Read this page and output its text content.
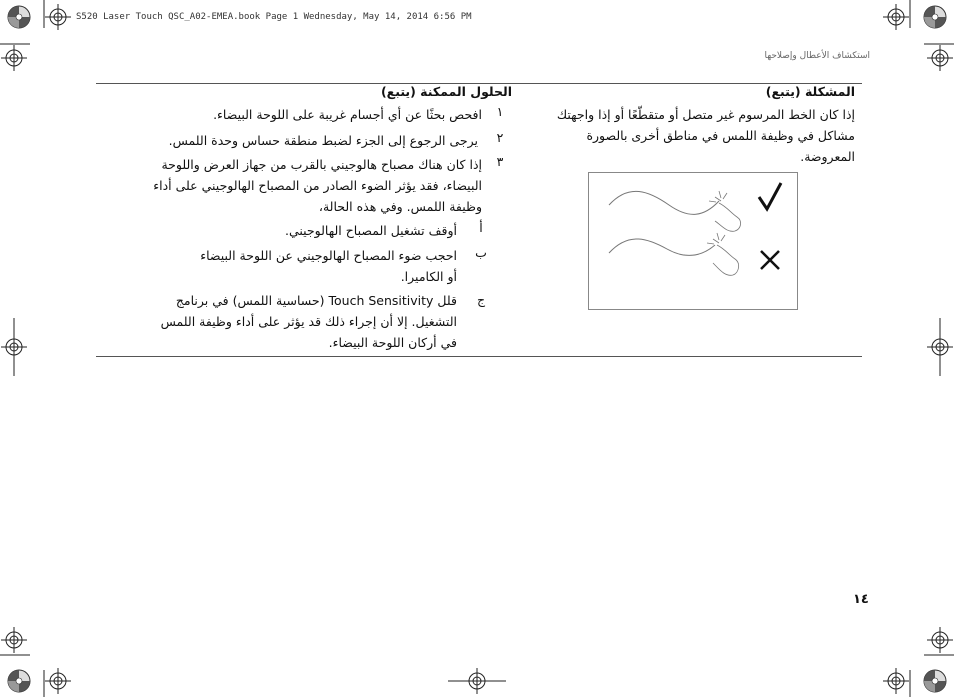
S520 Laser Touch QSC_A02-EMEA.book Page 1 Wednesday, May 14, 2014 6:56 PM
استكشاف الأعطال وإصلاحها
المشكلة (يتبع)
الحلول الممكنة (يتبع)
إذا كان الخط المرسوم غير متصل أو متقطّعًا أو إذا واجهتك
مشاكل في وظيفة اللمس في مناطق أخرى بالصورة
المعروضة.
١
افحص بحثًا عن أي أجسام غريبة على اللوحة البيضاء.
٢
يرجى الرجوع إلى الجزء لضبط منطقة حساس وحدة اللمس.
٣
إذا كان هناك مصباح هالوجيني بالقرب من جهاز العرض واللوحة
البيضاء، فقد يؤثر الضوء الصادر من المصباح الهالوجيني على أداء
وظيفة اللمس. وفي هذه الحالة،
أ
أوقف تشغيل المصباح الهالوجيني.
ب
احجب ضوء المصباح الهالوجيني عن اللوحة البيضاء
أو الكاميرا.
ج
قلل Touch Sensitivity (حساسية اللمس) في برنامج
التشغيل. إلا أن إجراء ذلك قد يؤثر على أداء وظيفة اللمس
في أركان اللوحة البيضاء.
١٤
